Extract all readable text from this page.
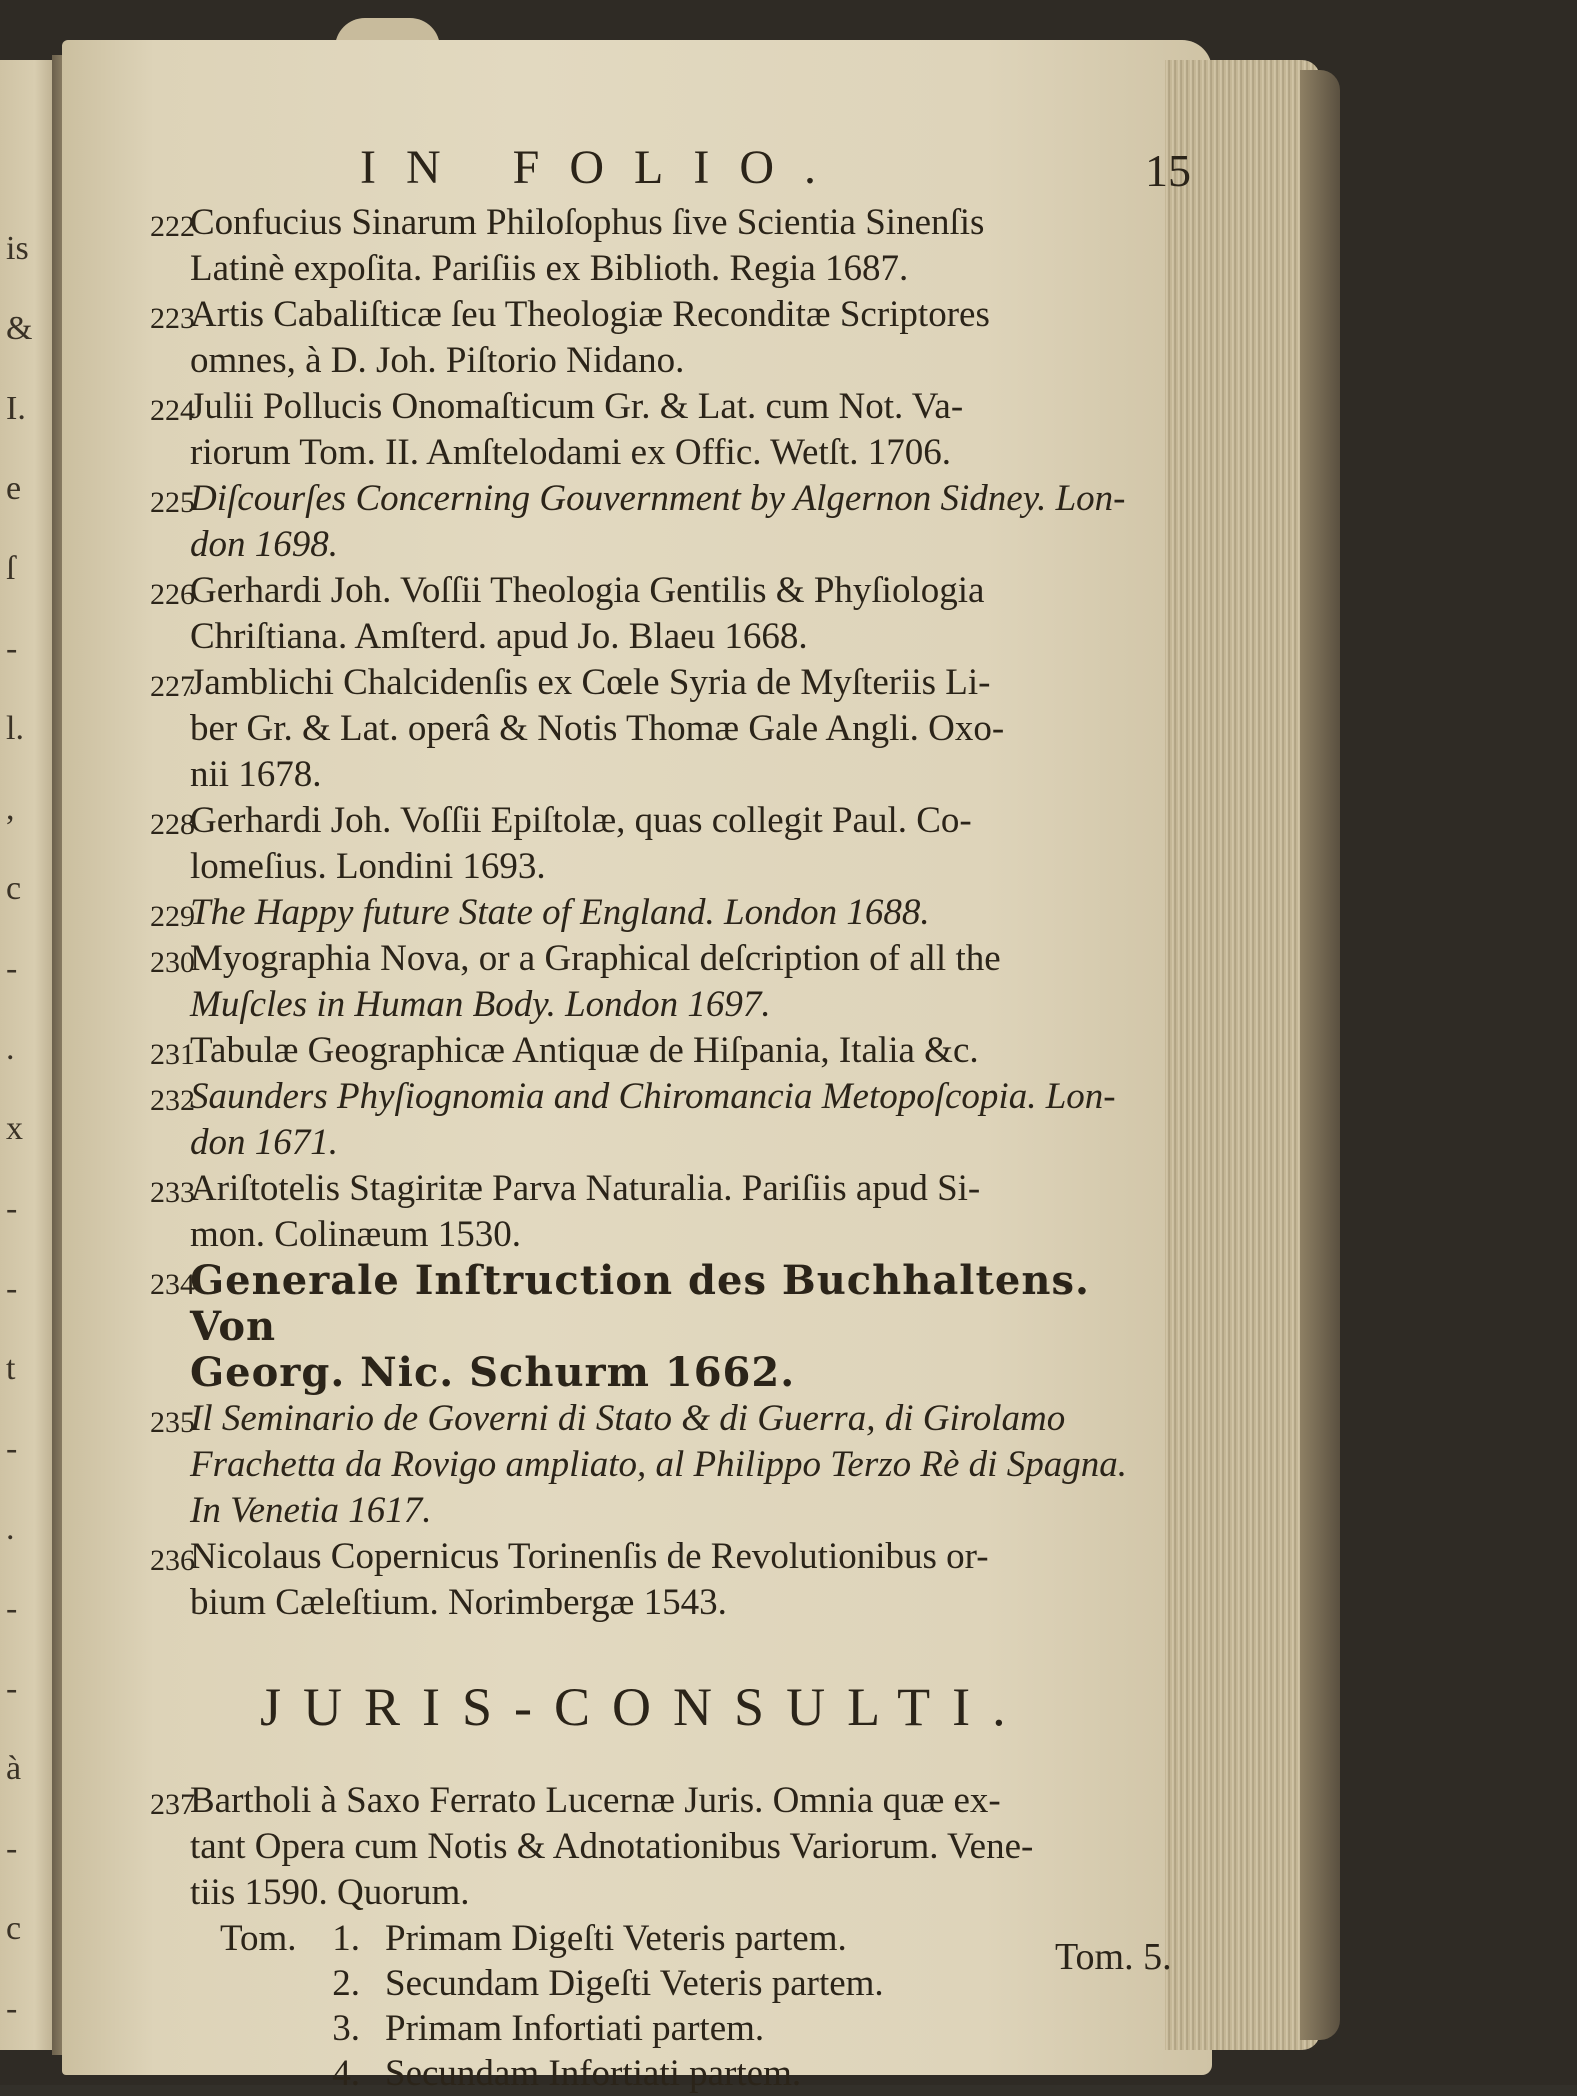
is
&
I.
e
ſ
-
l.
,
c
-
.
x
-
-
t
-
.
-
-
à
-
c
-
IN FOLIO.	15
222
Confucius Sinarum Philoſophus ſive Scientia Sinenſis
Latinè expoſita. Pariſiis ex Biblioth. Regia 1687.
223
Artis Cabaliſticæ ſeu Theologiæ Reconditæ Scriptores
omnes, à D. Joh. Piſtorio Nidano.
224
Julii Pollucis Onomaſticum Gr. & Lat. cum Not. Va-
riorum Tom. II. Amſtelodami ex Offic. Wetſt. 1706.
225
Diſcourſes Concerning Gouvernment by Algernon Sidney. Lon-
don 1698.
226
Gerhardi Joh. Voſſii Theologia Gentilis & Phyſiologia
Chriſtiana. Amſterd. apud Jo. Blaeu 1668.
227
Jamblichi Chalcidenſis ex Cœle Syria de Myſteriis Li-
ber Gr. & Lat. operâ & Notis Thomæ Gale Angli. Oxo-
nii 1678.
228
Gerhardi Joh. Voſſii Epiſtolæ, quas collegit Paul. Co-
lomeſius. Londini 1693.
229
The Happy future State of England. London 1688.
230
Myographia Nova, or a Graphical deſcription of all the
Muſcles in Human Body. London 1697.
231
Tabulæ Geographicæ Antiquæ de Hiſpania, Italia &c.
232
Saunders Phyſiognomia and Chiromancia Metopoſcopia. Lon-
don 1671.
233
Ariſtotelis Stagiritæ Parva Naturalia. Pariſiis apud Si-
mon. Colinæum 1530.
234
Generale Inſtruction des Buchhaltens. Von
Georg. Nic. Schurm 1662.
235
Il Seminario de Governi di Stato & di Guerra, di Girolamo
Frachetta da Rovigo ampliato, al Philippo Terzo Rè di Spagna.
In Venetia 1617.
236
Nicolaus Copernicus Torinenſis de Revolutionibus or-
bium Cæleſtium. Norimbergæ 1543.
JURIS-CONSULTI.
237
Bartholi à Saxo Ferrato Lucernæ Juris. Omnia quæ ex-
tant Opera cum Notis & Adnotationibus Variorum. Vene-
tiis 1590. Quorum.
Tom. 1. Primam Digeſti Veteris partem.
2. Secundam Digeſti Veteris partem.
3. Primam Infortiati partem.
4. Secundam Infortiati partem.
Tom. 5.
